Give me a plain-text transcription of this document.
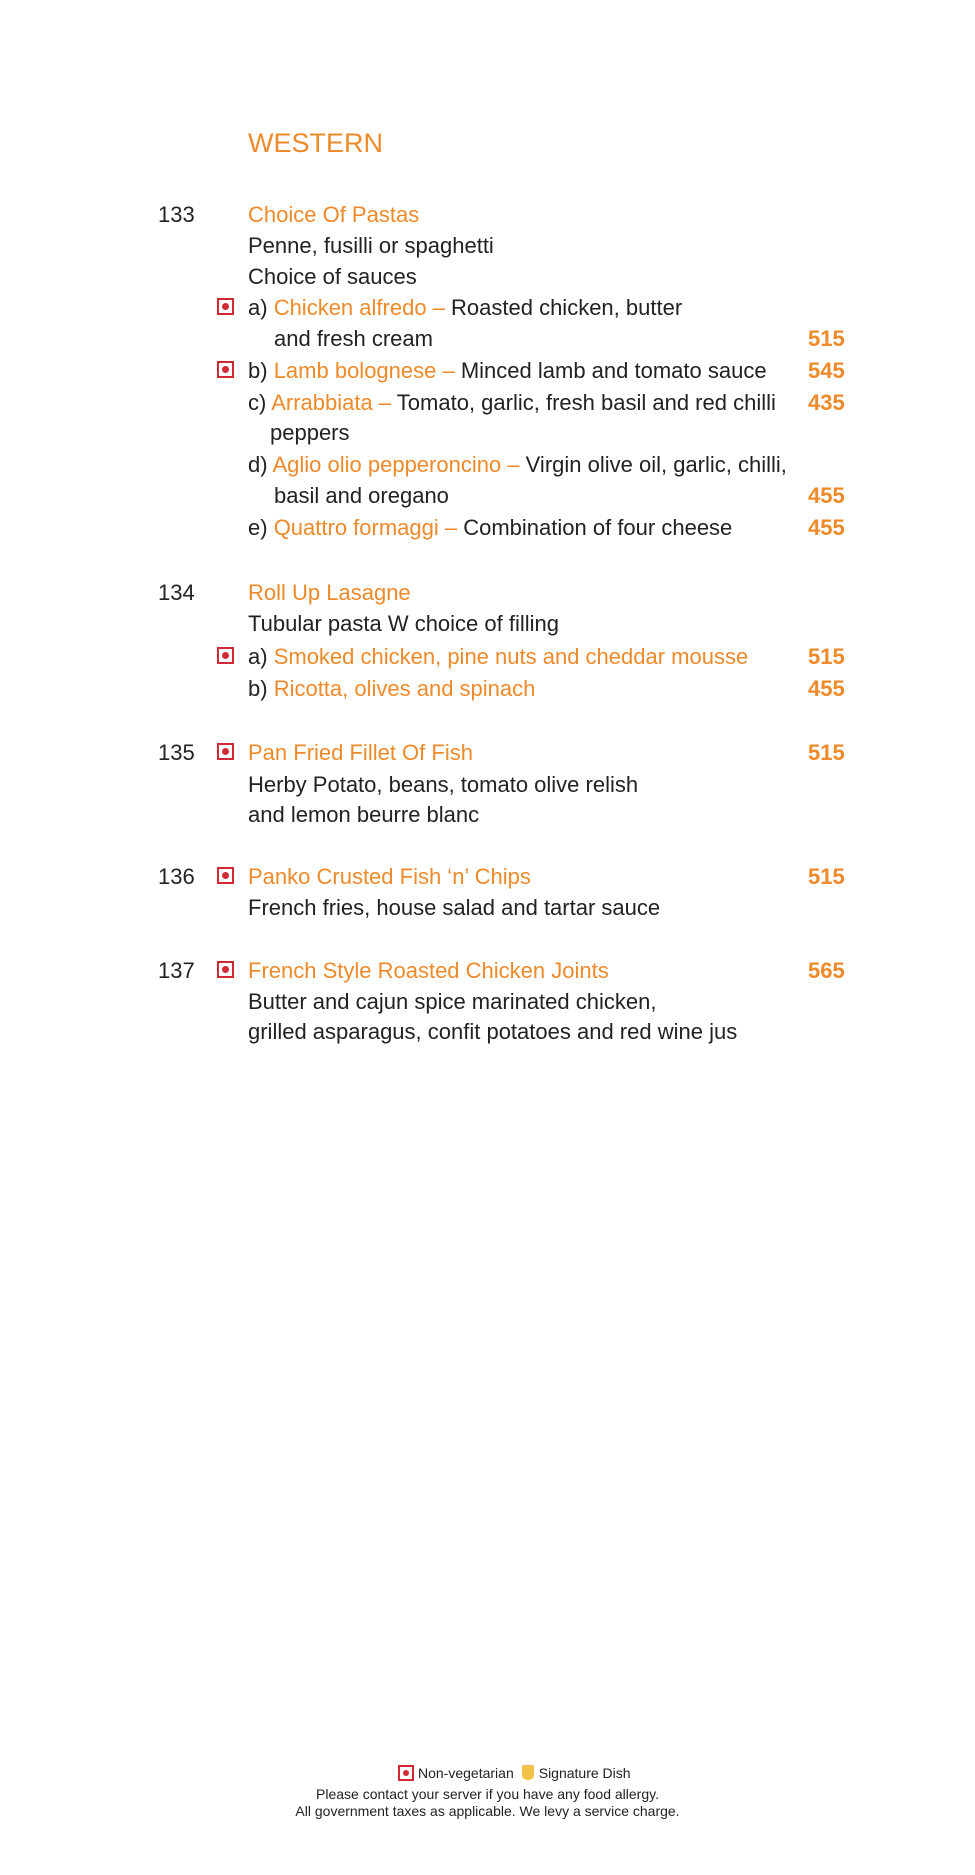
WESTERN
133 Choice Of Pastas
Penne, fusilli or spaghetti
Choice of sauces
a) Chicken alfredo – Roasted chicken, butter
and fresh cream	515
b) Lamb bolognese – Minced lamb and tomato sauce 545
c) Arrabbiata – Tomato, garlic, fresh basil and red chilli 435
peppers
d) Aglio olio pepperoncino – Virgin olive oil, garlic, chilli,
basil and oregano	455
e) Quattro formaggi – Combination of four cheese	455
134 Roll Up Lasagne
Tubular pasta W choice of filling
a) Smoked chicken, pine nuts and cheddar mousse	515
b) Ricotta, olives and spinach	455
135 Pan Fried Fillet Of Fish	515
Herby Potato, beans, tomato olive relish
and lemon beurre blanc
136 Panko Crusted Fish ‘n’ Chips	515
French fries, house salad and tartar sauce
137 French Style Roasted Chicken Joints	565
Butter and cajun spice marinated chicken,
grilled asparagus, confit potatoes and red wine jus
Non-vegetarian Signature Dish
Please contact your server if you have any food allergy.
All government taxes as applicable. We levy a service charge.
